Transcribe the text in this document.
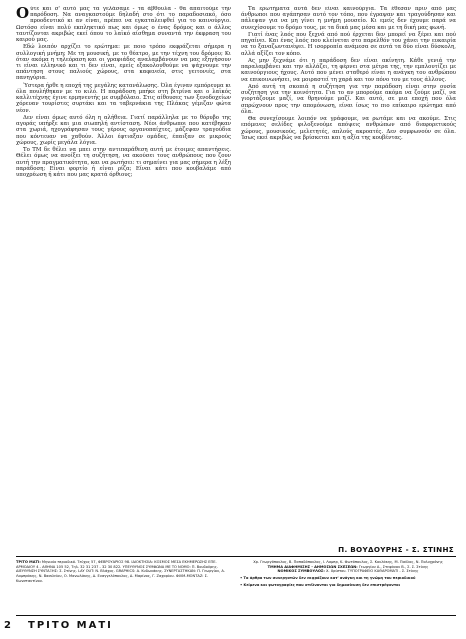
Ούτε και σ' αυτό μας τα γελάσαμε - τα άβθουλα - θα απαιτούμε την παρόδοση. Να αναγκαστούμε δηλαδή στο ότι το παραδοσιακό, όσο προοδευτικό κι αν είναι, πρέπει να εγκαταλειφθεί για το καινούργιο. Ωστόσο είναι πολύ εκπληκτικό πως και όμως ο ένας δρόμος και ο άλλος ταυτίζονται ακριβώς εκεί όπου το λαϊκό αίσθημα συναντά την έκφραση του καιρού μας.

Εδώ λοιπόν αρχίζει το ερώτημα: με ποιο τρόπο εκφράζεται σήμερα η συλλογική μνήμη; Με τη μουσική, με το θέατρο, με την τέχνη του δρόμου; Κι όταν ακόμα η τηλεόραση και οι γραφιάδες αναλαμβάνουν να μας εξηγήσουν τι είναι ελληνικό και τι δεν είναι, εμείς εξακολουθούμε να ψάχνουμε την απάντηση στους παλιούς χώρους, στα καφενεία, στις γειτονιές, στα πανηγύρια.

Ύστερα ήρθε η εποχή της μεγάλης κατανάλωσης. Όλα έγιναν εμπόρευμα κι όλα πουλήθηκαν με το κιλό. Η παράδοση μπήκε στη βιτρίνα και ο λαϊκός καλλιτέχνης έγινε ερμηνευτής με συμβόλαιο. Στις αίθουσες των ξενοδοχείων χόρευαν τουρίστες συρτάκι και τα ταβερνάκια της Πλάκας γέμιζαν φώτα νέον.

Δεν είναι όμως αυτό όλη η αλήθεια. Γιατί παράλληλα με το θόρυβο της αγοράς υπήρξε και μια σιωπηλή αντίσταση. Νέοι άνθρωποι που κατέβηκαν στα χωριά, ηχογράφησαν τους γέρους οργανοπαίχτες, μάζεψαν τραγούδια που κόντευαν να χαθούν. Άλλοι έφτιαξαν ομάδες, έπαιξαν σε μικρούς χώρους, χωρίς μεγάλα λόγια.

Το ΤΜ δε θέλει να μπει στην αντιπαράθεση αυτή με έτοιμες απαντήσεις. Θέλει όμως να ανοίξει τη συζήτηση, να ακούσει τους ανθρώπους που ζουν αυτή την πραγματικότητα, και να ρωτήσει: τι σημαίνει για μας σήμερα η λέξη παράδοση; Είναι φορτίο ή είναι ρίζα; Είναι κάτι που κουβαλάμε από υποχρέωση ή κάτι που μας κρατά όρθιους;

Τα ερωτήματα αυτά δεν είναι καινούργια. Τα έθεσαν πριν από μας άνθρωποι που αγάπησαν αυτό τον τόπο, που έγραψαν και τραγούδησαν και πάλεψαν για να μη γίνει η μνήμη μουσείο. Κι εμείς δεν έχουμε παρά να συνεχίσουμε το δρόμο τους, με τα δικά μας μέσα και με τη δική μας φωνή.

Γιατί ένας λαός που ξεχνά από πού έρχεται δεν μπορεί να ξέρει και πού πηγαίνει. Και ένας λαός που κλείνεται στο παρελθόν του χάνει την ευκαιρία να το ξαναζωντανέψει. Η ισορροπία ανάμεσα σε αυτά τα δύο είναι δύσκολη, αλλά αξίζει τον κόπο.

Ας μην ξεχνάμε ότι η παράδοση δεν είναι ακίνητη. Κάθε γενιά την παραλαμβάνει και την αλλάζει, τη φέρνει στα μέτρα της, την εμπλουτίζει με καινούργιους ήχους. Αυτό που μένει σταθερό είναι η ανάγκη του ανθρώπου να επικοινωνήσει, να μοιραστεί τη χαρά και τον πόνο του με τους άλλους.

Από αυτή τη σκοπιά η συζήτηση για την παράδοση είναι στην ουσία συζήτηση για την κοινότητα. Για το αν μπορούμε ακόμα να ζούμε μαζί, να γιορτάζουμε μαζί, να θρηνούμε μαζί. Και αυτό, σε μια εποχή που όλα σπρώχνουν προς την απομόνωση, είναι ίσως το πιο επίκαιρο ερώτημα από όλα.

Θα συνεχίσουμε λοιπόν να γράφουμε, να ρωτάμε και να ακούμε. Στις επόμενες σελίδες φιλοξενούμε απόψεις ανθρώπων από διαφορετικούς χώρους, μουσικούς, μελετητές, απλούς ακροατές. Δεν συμφωνούν σε όλα. Ίσως εκεί ακριβώς να βρίσκεται και η αξία της κουβέντας.

Π. ΒΟΥΔΟΥΡΗΣ - Σ. ΣΤΙΝΗΣ
ΤΡΙΤΟ ΜΑΤΙ: Μηνιαίο περιοδικό. Τεύχος 57, ΦΕΒΡΟΥΑΡΙΟΣ 98. ΙΔΙΟΚΤΗΣΙΑ: ΚΟΣΜΟΣ ΜΕΣΑ ΕΚΗΜΕΡΩΣΗΣ ΕΠΕ. ΑΡΜΟΔΙΟΥ 4 - ΑΘΗΝΑ 105 52, Τηλ. 32 31 237 - 32 30 822. ΥΠΕΥΘΥΝΟΣ ΣΥΜΦΩΝΑ ΜΕ ΤΟ ΝΟΜΟ: Π. Βουδούρης. ΔΙΕΥΘΥΝΣΗ ΣΥΝΤΑΞΗΣ: Σ. Στίνης. LAY OUT: Ν. Βλάχος. GRAPHICS: Α. Κυδωνάκης. ΣΥΝΕΡΓΑΣΤΗΚΑΝ: Π. Γεωργίου, Α. Λαμπράκης, Ν. Βασιλείου, Ο. Μανωλάκης, Δ. Ευαγγελόπουλος, Δ. Μαρίνος, Γ. Ζαχαρίου. ΦΙΛΜ-ΜΟΝΤΑΖ: Σ. Κωνσταντίνου.
Χρ. Γεωργόπουλος, Β. Παπαδόπουλος, Ι. Λαμπρ, Κ. Φωτόπουλος, Σ. Κουλάκης, Μ. Παύλος, Ν. Πολυχρόνης
ΤΜΗΜΑ ΔΙΑΦΗΜΙΣΗΣ - ΔΗΜΟΣΙΩΝ ΣΧΕΣΕΩΝ: Γεωργίου Α., Στεφάνου Β., Σ. Σ. Στίνης
ΝΟΜΙΚΟΣ ΣΥΜΒΟΥΛΟΣ: Χ. Χρίστου. ΤΥΠΟΓΡΑΦΕΙΟ ΚΑΘΑΡΟΜΑΤΙ - Σ. Στίνης
• Τα άρθρα των συνεργατών δεν εκφράζουν κατ' ανάγκη και τη γνώμη του περιοδικού
• Κείμενα και φωτογραφίες που στέλνονται για δημοσίευση δεν επιστρέφονται
2 ΤΡΙΤΟ ΜΑΤΙ
